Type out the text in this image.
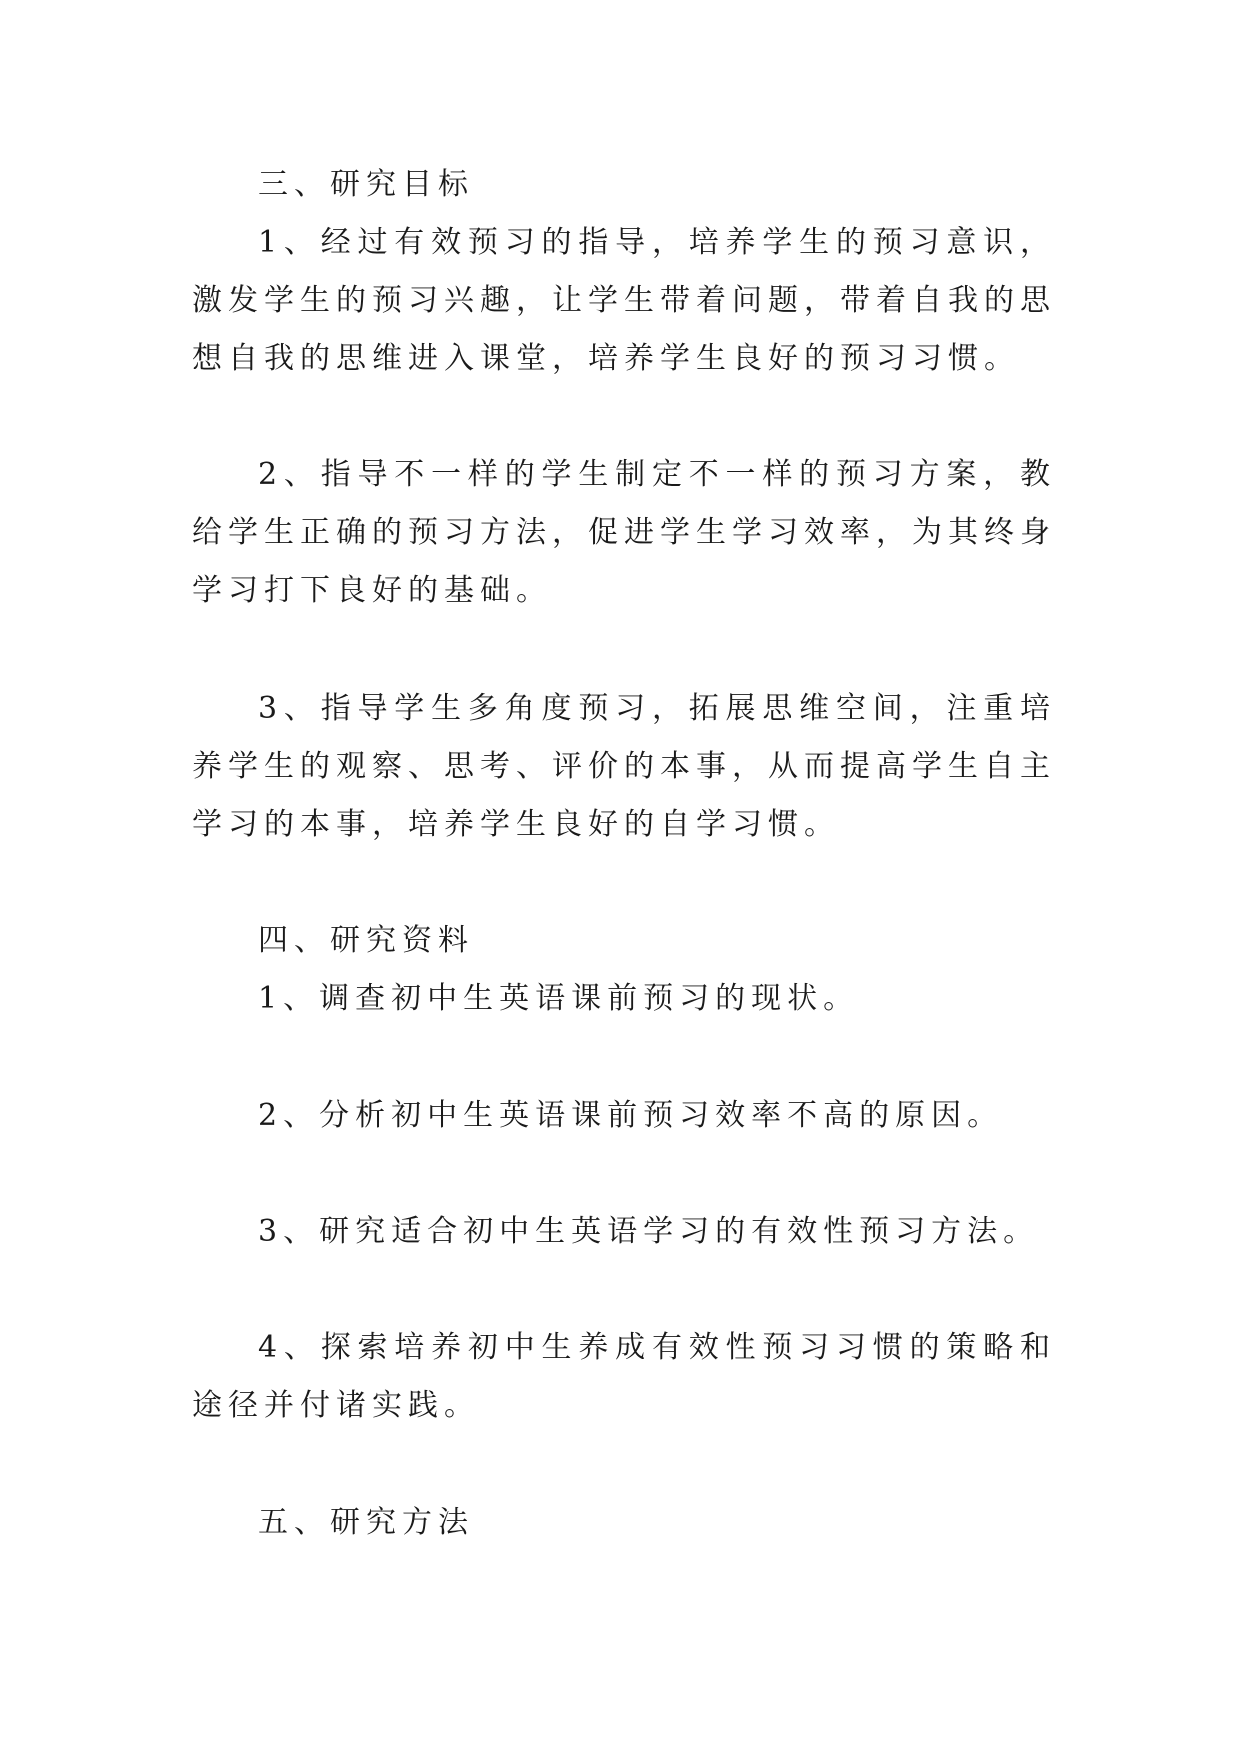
三、研究目标

1、经过有效预习的指导，培养学生的预习意识，激发学生的预习兴趣，让学生带着问题，带着自我的思想自我的思维进入课堂，培养学生良好的预习习惯。

2、指导不一样的学生制定不一样的预习方案，教给学生正确的预习方法，促进学生学习效率，为其终身学习打下良好的基础。

3、指导学生多角度预习，拓展思维空间，注重培养学生的观察、思考、评价的本事，从而提高学生自主学习的本事，培养学生良好的自学习惯。

四、研究资料

1、调查初中生英语课前预习的现状。

2、分析初中生英语课前预习效率不高的原因。

3、研究适合初中生英语学习的有效性预习方法。

4、探索培养初中生养成有效性预习习惯的策略和途径并付诸实践。

五、研究方法
